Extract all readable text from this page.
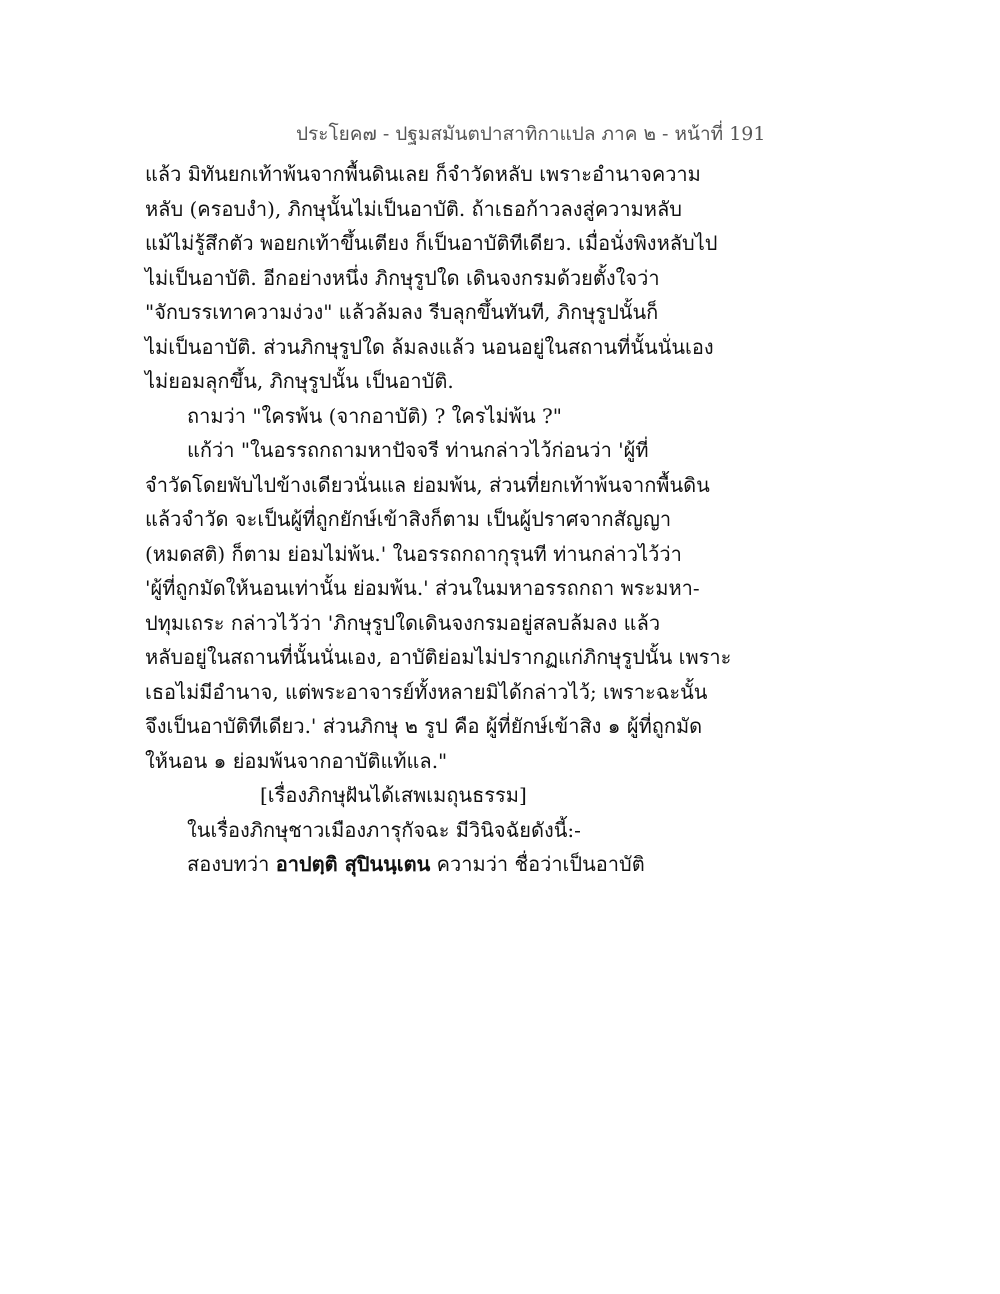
ประโยค๗ - ปฐมสมันตปาสาทิกาแปล ภาค ๒ - หน้าที่ 191
แล้ว มิทันยกเท้าพ้นจากพื้นดินเลย ก็จำวัดหลับ เพราะอำนาจความ
หลับ (ครอบงำ), ภิกษุนั้นไม่เป็นอาบัติ. ถ้าเธอก้าวลงสู่ความหลับ
แม้ไม่รู้สึกตัว พอยกเท้าขึ้นเตียง ก็เป็นอาบัติทีเดียว. เมื่อนั่งพิงหลับไป
ไม่เป็นอาบัติ. อีกอย่างหนึ่ง ภิกษุรูปใด เดินจงกรมด้วยตั้งใจว่า
"จักบรรเทาความง่วง" แล้วล้มลง รีบลุกขึ้นทันที, ภิกษุรูปนั้นก็
ไม่เป็นอาบัติ. ส่วนภิกษุรูปใด ล้มลงแล้ว นอนอยู่ในสถานที่นั้นนั่นเอง
ไม่ยอมลุกขึ้น, ภิกษุรูปนั้น เป็นอาบัติ.
ถามว่า "ใครพ้น (จากอาบัติ) ? ใครไม่พ้น ?"
แก้ว่า "ในอรรถกถามหาปัจจรี ท่านกล่าวไว้ก่อนว่า 'ผู้ที่
จำวัดโดยพับไปข้างเดียวนั่นแล ย่อมพ้น, ส่วนที่ยกเท้าพ้นจากพื้นดิน
แล้วจำวัด จะเป็นผู้ที่ถูกยักษ์เข้าสิงก็ตาม เป็นผู้ปราศจากสัญญา
(หมดสติ) ก็ตาม ย่อมไม่พ้น.' ในอรรถกถากุรุนที ท่านกล่าวไว้ว่า
'ผู้ที่ถูกมัดให้นอนเท่านั้น ย่อมพ้น.' ส่วนในมหาอรรถกถา พระมหา-
ปทุมเถระ กล่าวไว้ว่า 'ภิกษุรูปใดเดินจงกรมอยู่สลบล้มลง แล้ว
หลับอยู่ในสถานที่นั้นนั่นเอง, อาบัติย่อมไม่ปรากฏแก่ภิกษุรูปนั้น เพราะ
เธอไม่มีอำนาจ, แต่พระอาจารย์ทั้งหลายมิได้กล่าวไว้; เพราะฉะนั้น
จึงเป็นอาบัติทีเดียว.' ส่วนภิกษุ ๒ รูป คือ ผู้ที่ยักษ์เข้าสิง ๑ ผู้ที่ถูกมัด
ให้นอน ๑ ย่อมพ้นจากอาบัติแท้แล."
[เรื่องภิกษุฝันได้เสพเมถุนธรรม]
ในเรื่องภิกษุชาวเมืองภารุกัจฉะ มีวินิจฉัยดังนี้:-
สองบทว่า อาปตฺติ สุปินนฺเตน ความว่า ชื่อว่าเป็นอาบัติ
